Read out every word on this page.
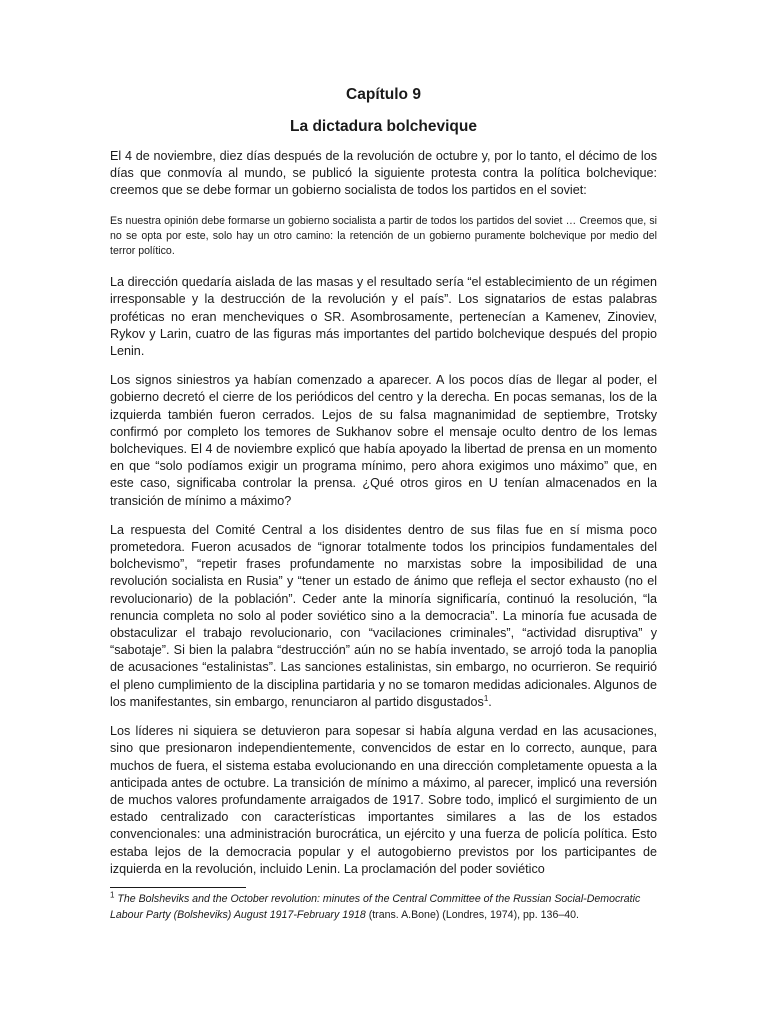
Capítulo 9
La dictadura bolchevique

El 4 de noviembre, diez días después de la revolución de octubre y, por lo tanto, el décimo de los días que conmovía al mundo, se publicó la siguiente protesta contra la política bolchevique: creemos que se debe formar un gobierno socialista de todos los partidos en el soviet:

Es nuestra opinión debe formarse un gobierno socialista a partir de todos los partidos del soviet … Creemos que, si no se opta por este, solo hay un otro camino: la retención de un gobierno puramente bolchevique por medio del terror político.

La dirección quedaría aislada de las masas y el resultado sería “el establecimiento de un régimen irresponsable y la destrucción de la revolución y el país”. Los signatarios de estas palabras proféticas no eran mencheviques o SR. Asombrosamente, pertenecían a Kamenev, Zinoviev, Rykov y Larin, cuatro de las figuras más importantes del partido bolchevique después del propio Lenin.

Los signos siniestros ya habían comenzado a aparecer. A los pocos días de llegar al poder, el gobierno decretó el cierre de los periódicos del centro y la derecha. En pocas semanas, los de la izquierda también fueron cerrados. Lejos de su falsa magnanimidad de septiembre, Trotsky confirmó por completo los temores de Sukhanov sobre el mensaje oculto dentro de los lemas bolcheviques. El 4 de noviembre explicó que había apoyado la libertad de prensa en un momento en que “solo podíamos exigir un programa mínimo, pero ahora exigimos uno máximo” que, en este caso, significaba controlar la prensa. ¿Qué otros giros en U tenían almacenados en la transición de mínimo a máximo?

La respuesta del Comité Central a los disidentes dentro de sus filas fue en sí misma poco prometedora. Fueron acusados de “ignorar totalmente todos los principios fundamentales del bolchevismo”, “repetir frases profundamente no marxistas sobre la imposibilidad de una revolución socialista en Rusia” y “tener un estado de ánimo que refleja el sector exhausto (no el revolucionario) de la población”. Ceder ante la minoría significaría, continuó la resolución, “la renuncia completa no solo al poder soviético sino a la democracia”. La minoría fue acusada de obstaculizar el trabajo revolucionario, con “vacilaciones criminales”, “actividad disruptiva” y “sabotaje”. Si bien la palabra “destrucción” aún no se había inventado, se arrojó toda la panoplia de acusaciones “estalinistas”. Las sanciones estalinistas, sin embargo, no ocurrieron. Se requirió el pleno cumplimiento de la disciplina partidaria y no se tomaron medidas adicionales. Algunos de los manifestantes, sin embargo, renunciaron al partido disgustados$^1$.

Los líderes ni siquiera se detuvieron para sopesar si había alguna verdad en las acusaciones, sino que presionaron independientemente, convencidos de estar en lo correcto, aunque, para muchos de fuera, el sistema estaba evolucionando en una dirección completamente opuesta a la anticipada antes de octubre. La transición de mínimo a máximo, al parecer, implicó una reversión de muchos valores profundamente arraigados de 1917. Sobre todo, implicó el surgimiento de un estado centralizado con características importantes similares a las de los estados convencionales: una administración burocrática, un ejército y una fuerza de policía política. Esto estaba lejos de la democracia popular y el autogobierno previstos por los participantes de izquierda en la revolución, incluido Lenin. La proclamación del poder soviético

$^1$ The Bolsheviks and the October revolution: minutes of the Central Committee of the Russian Social-Democratic Labour Party (Bolsheviks) August 1917-February 1918 (trans. A.Bone) (Londres, 1974), pp. 136–40.
